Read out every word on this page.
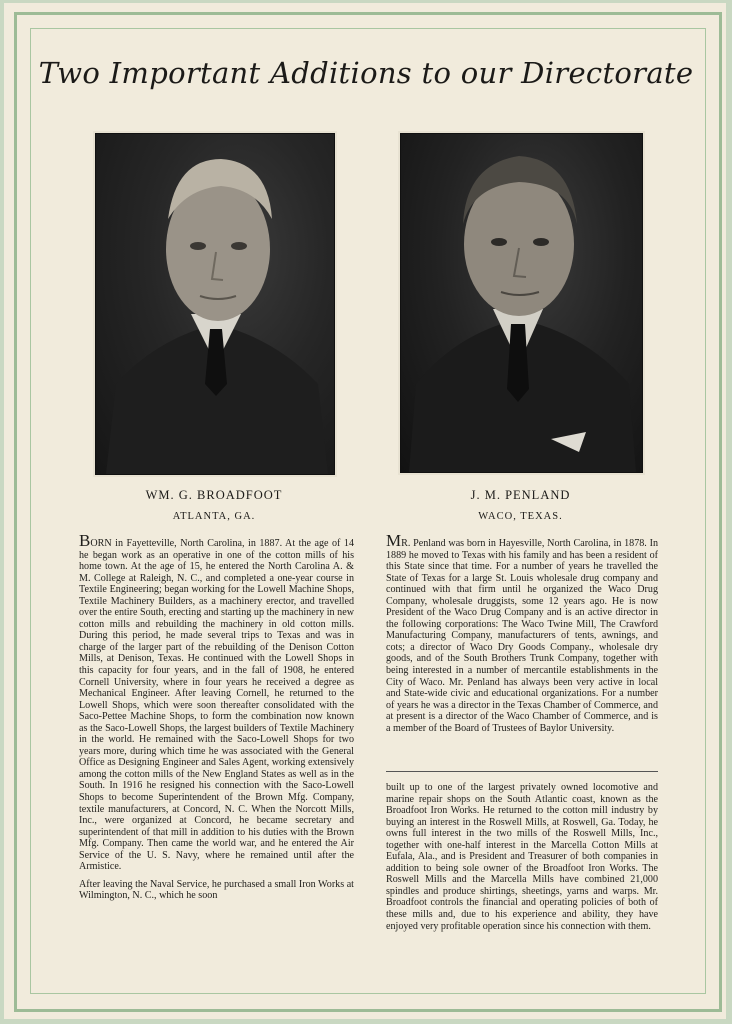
Two Important Additions to our Directorate
WM. G. BROADFOOT
ATLANTA, GA.
J. M. PENLAND
WACO, TEXAS.

BORN in Fayetteville, North Carolina, in 1887. At the age of 14 he began work as an operative in one of the cotton mills of his home town. At the age of 15, he entered the North Carolina A. & M. College at Raleigh, N. C., and completed a one-year course in Textile Engineering; began working for the Lowell Machine Shops, Textile Machinery Builders, as a machinery erector, and travelled over the entire South, erecting and starting up the machinery in new cotton mills and rebuilding the machinery in old cotton mills. During this period, he made several trips to Texas and was in charge of the larger part of the rebuilding of the Denison Cotton Mills, at Denison, Texas. He continued with the Lowell Shops in this capacity for four years, and in the fall of 1908, he entered Cornell University, where in four years he received a degree as Mechanical Engineer. After leaving Cornell, he returned to the Lowell Shops, which were soon thereafter consolidated with the Saco-Pettee Machine Shops, to form the combination now known as the Saco-Lowell Shops, the largest builders of Textile Machinery in the world. He remained with the Saco-Lowell Shops for two years more, during which time he was associated with the General Office as Designing Engineer and Sales Agent, working extensively among the cotton mills of the New England States as well as in the South. In 1916 he resigned his connection with the Saco-Lowell Shops to become Superintendent of the Brown Mfg. Company, textile manufacturers, at Concord, N. C. When the Norcott Mills, Inc., were organized at Concord, he became secretary and superintendent of that mill in addition to his duties with the Brown Mfg. Company. Then came the world war, and he entered the Air Service of the U. S. Navy, where he remained until after the Armistice.

After leaving the Naval Service, he purchased a small Iron Works at Wilmington, N. C., which he soon

MR. Penland was born in Hayesville, North Carolina, in 1878. In 1889 he moved to Texas with his family and has been a resident of this State since that time. For a number of years he travelled the State of Texas for a large St. Louis wholesale drug company and continued with that firm until he organized the Waco Drug Company, wholesale druggists, some 12 years ago. He is now President of the Waco Drug Company and is an active director in the following corporations: The Waco Twine Mill, The Crawford Manufacturing Company, manufacturers of tents, awnings, and cots; a director of Waco Dry Goods Company., wholesale dry goods, and of the South Brothers Trunk Company, together with being interested in a number of mercantile establishments in the City of Waco. Mr. Penland has always been very active in local and State-wide civic and educational organizations. For a number of years he was a director in the Texas Chamber of Commerce, and at present is a director of the Waco Chamber of Commerce, and is a member of the Board of Trustees of Baylor University.

built up to one of the largest privately owned locomotive and marine repair shops on the South Atlantic coast, known as the Broadfoot Iron Works. He returned to the cotton mill industry by buying an interest in the Roswell Mills, at Roswell, Ga. Today, he owns full interest in the two mills of the Roswell Mills, Inc., together with one-half interest in the Marcella Cotton Mills at Eufala, Ala., and is President and Treasurer of both companies in addition to being sole owner of the Broadfoot Iron Works. The Roswell Mills and the Marcella Mills have combined 21,000 spindles and produce shirtings, sheetings, yarns and warps. Mr. Broadfoot controls the financial and operating policies of both of these mills and, due to his experience and ability, they have enjoyed very profitable operation since his connection with them.
